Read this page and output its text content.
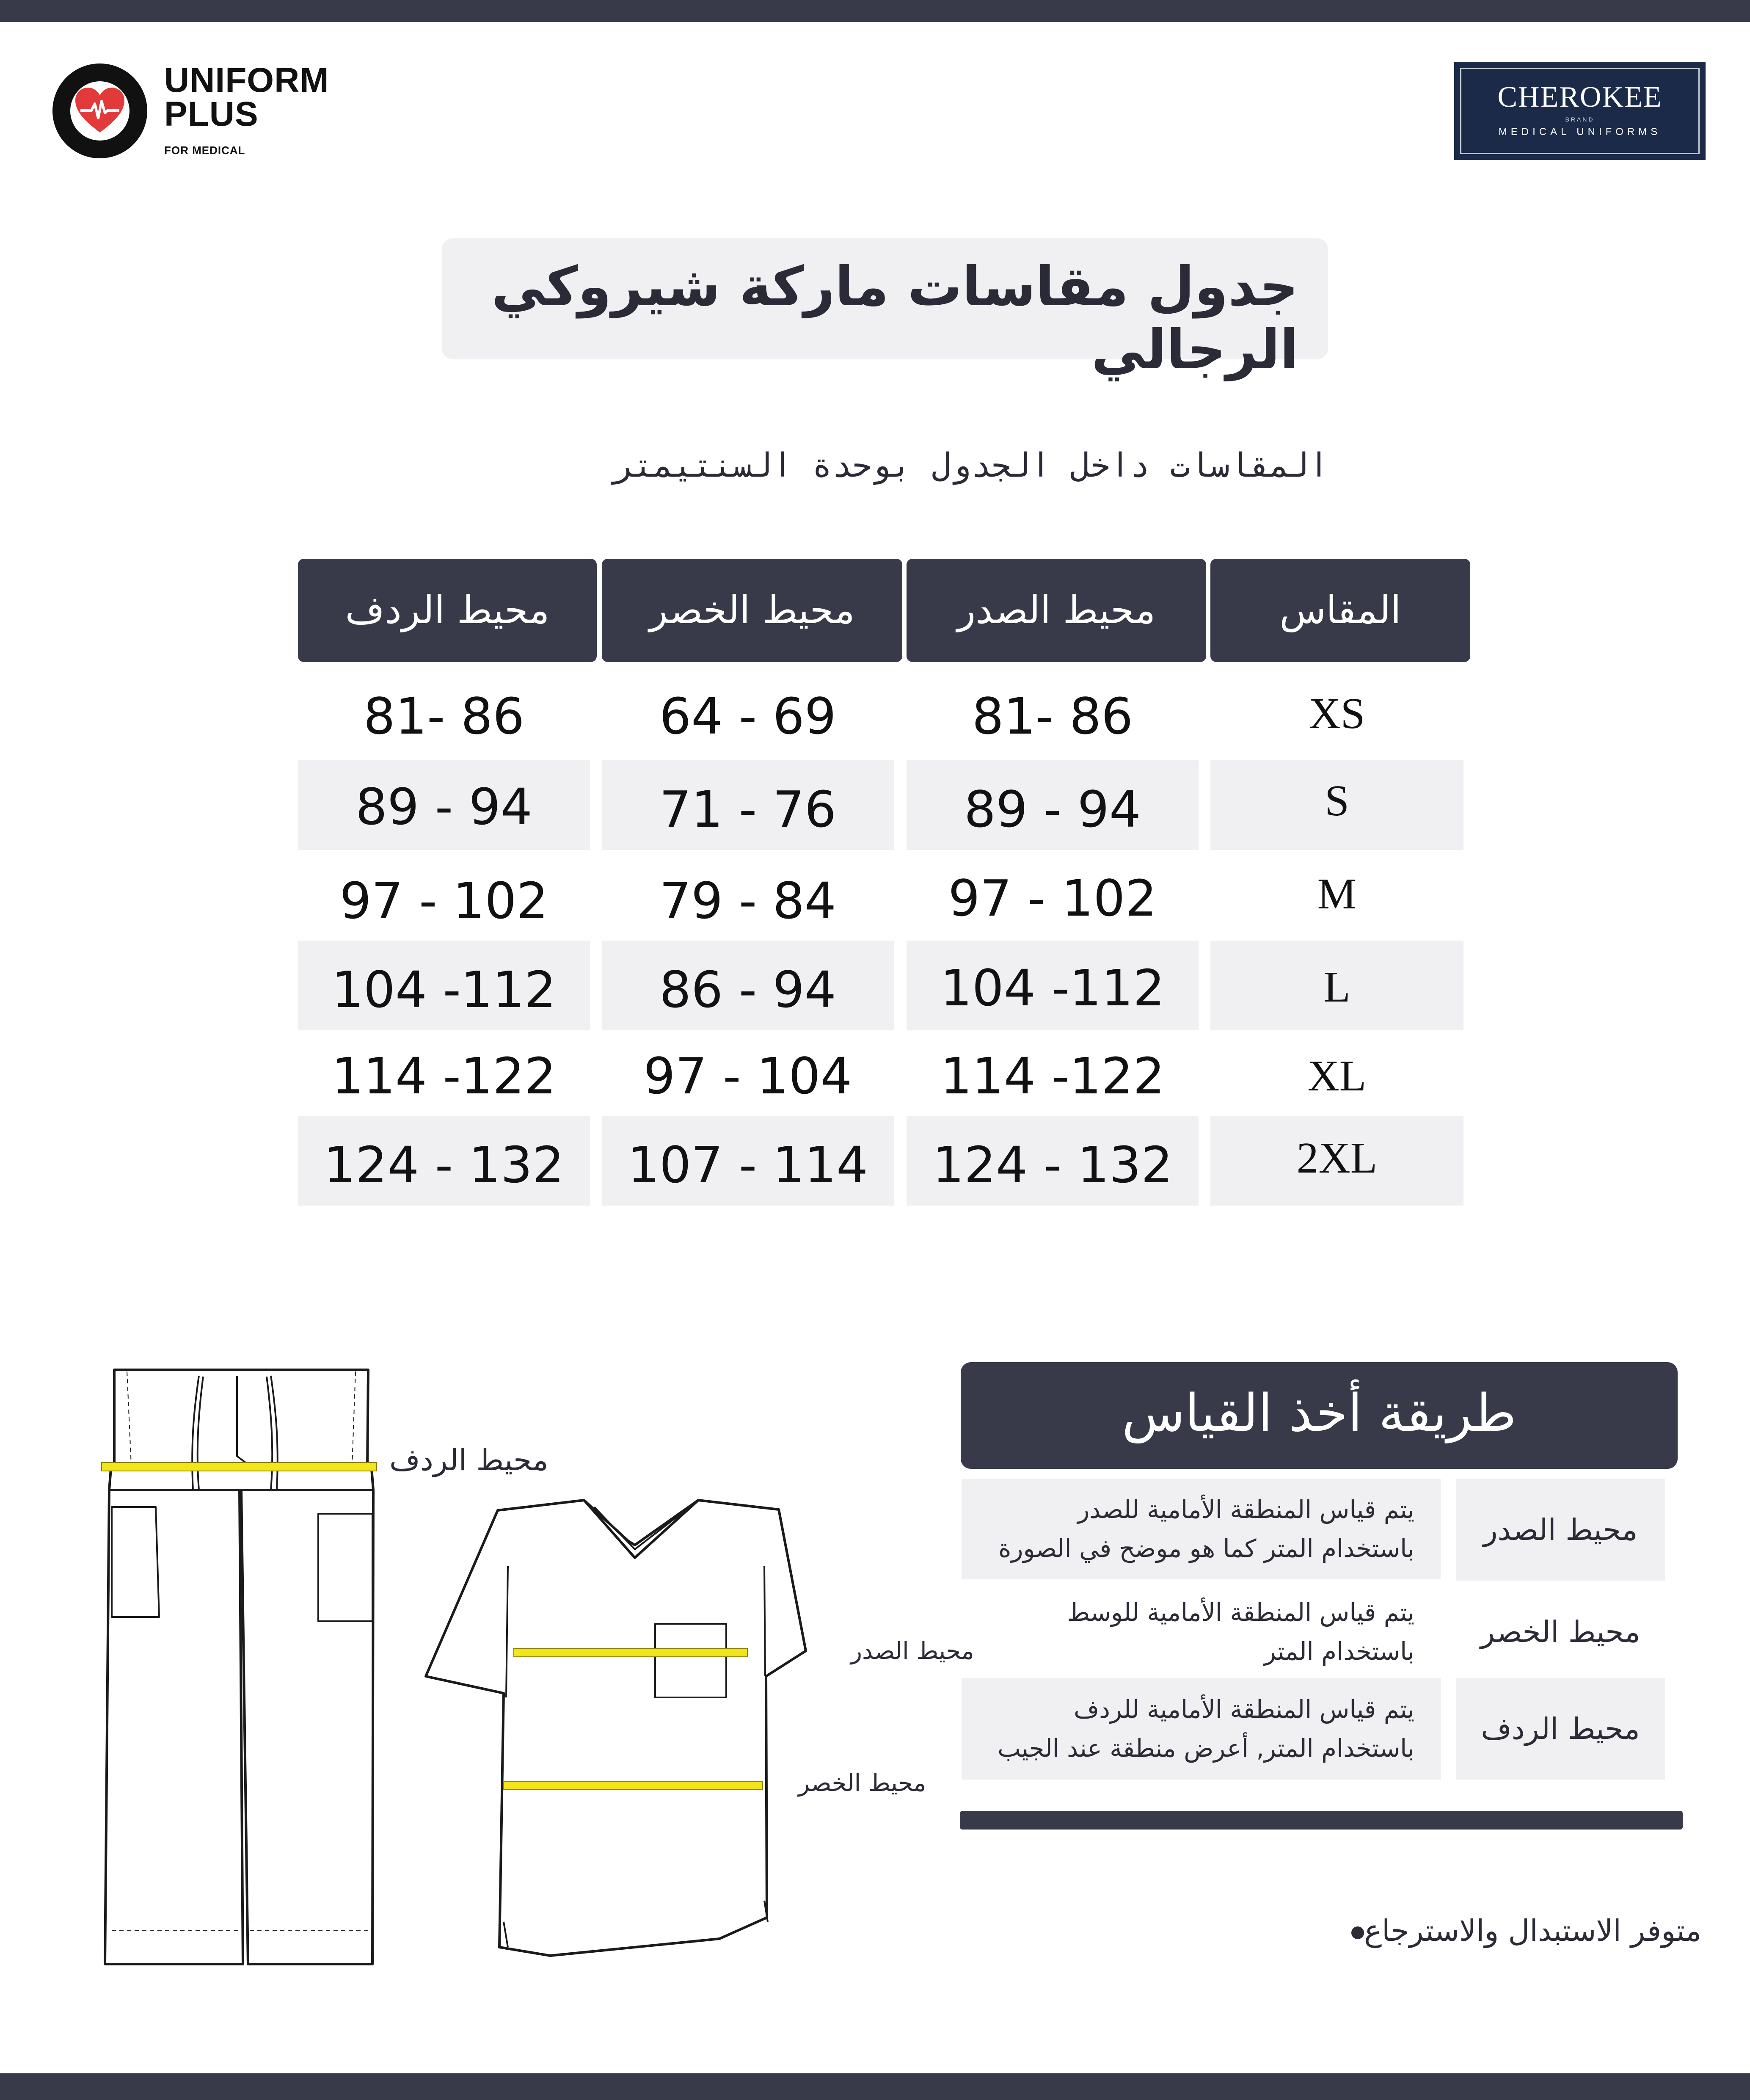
UNIFORM
PLUS
FOR MEDICAL
CHEROKEE
BRAND
MEDICAL UNIFORMS
جدول مقاسات ماركة شيروكي الرجالي
المقاسات داخل الجدول بوحدة السنتيمتر
محيط الردف	محيط الخصر	محيط الصدر	المقاس
81- 86	64 - 69	81- 86	XS
89 - 94	71 - 76	89 - 94	S
97 - 102	79 - 84	97 - 102	M
104 -112	86 - 94	104 -112	L
114 -122	97 - 104	114 -122	XL
124 - 132	107 - 114	124 - 132	2XL
محيط الردف
محيط الصدر
محيط الخصر
طريقة أخذ القياس
محيط الصدر
يتم قياس المنطقة الأمامية للصدر
باستخدام المتر كما هو موضح في الصورة
محيط الخصر
يتم قياس المنطقة الأمامية للوسط
باستخدام المتر
محيط الردف
يتم قياس المنطقة الأمامية للردف
باستخدام المتر, أعرض منطقة عند الجيب
متوفر الاستبدال والاسترجاع
